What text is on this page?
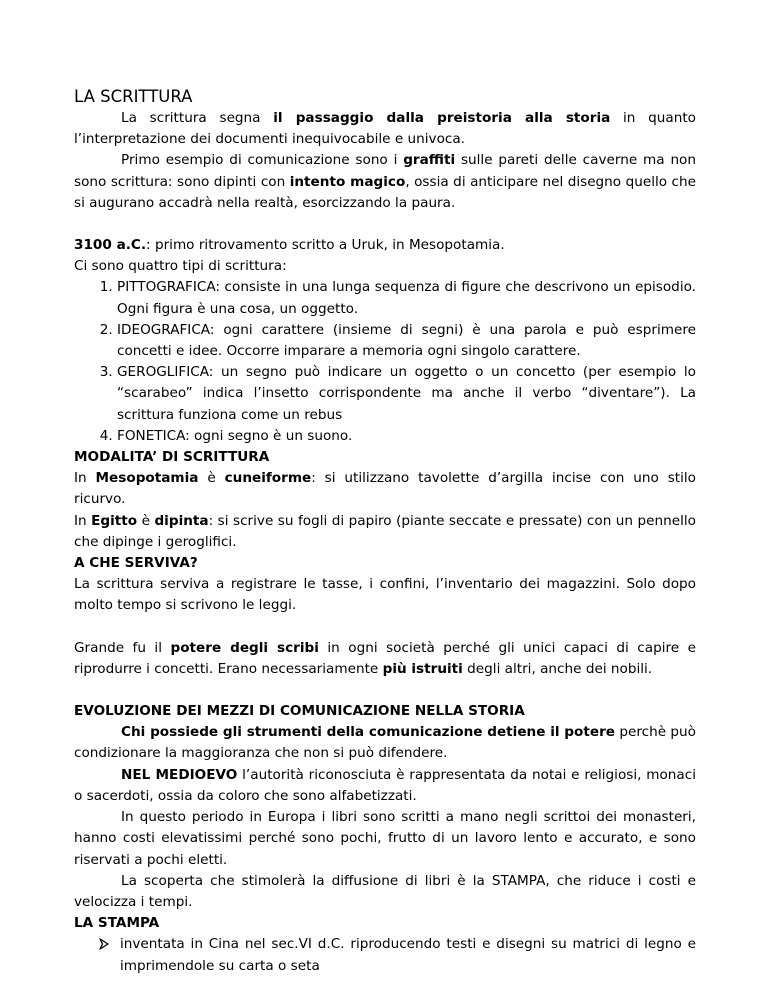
LA SCRITTURA

La scrittura segna il passaggio dalla preistoria alla storia in quanto l’interpretazione dei documenti inequivocabile e univoca.

Primo esempio di comunicazione sono i graffiti sulle pareti delle caverne ma non sono scrittura: sono dipinti con intento magico, ossia di anticipare nel disegno quello che si augurano accadrà nella realtà, esorcizzando la paura.

3100 a.C.: primo ritrovamento scritto a Uruk, in Mesopotamia.

Ci sono quattro tipi di scrittura:

1. PITTOGRAFICA: consiste in una lunga sequenza di figure che descrivono un episodio. Ogni figura è una cosa, un oggetto.
2. IDEOGRAFICA: ogni carattere (insieme di segni) è una parola e può esprimere concetti e idee. Occorre imparare a memoria ogni singolo carattere.
3. GEROGLIFICA: un segno può indicare un oggetto o un concetto (per esempio lo “scarabeo” indica l’insetto corrispondente ma anche il verbo “diventare”). La scrittura funziona come un rebus
4. FONETICA: ogni segno è un suono.

MODALITA’ DI SCRITTURA

In Mesopotamia è cuneiforme: si utilizzano tavolette d’argilla incise con uno stilo ricurvo.

In Egitto è dipinta: si scrive su fogli di papiro (piante seccate e pressate) con un pennello che dipinge i geroglifici.

A CHE SERVIVA?

La scrittura serviva a registrare le tasse, i confini, l’inventario dei magazzini. Solo dopo molto tempo si scrivono le leggi.

Grande fu il potere degli scribi in ogni società perché gli unici capaci di capire e riprodurre i concetti. Erano necessariamente più istruiti degli altri, anche dei nobili.

EVOLUZIONE DEI MEZZI DI COMUNICAZIONE NELLA STORIA

Chi possiede gli strumenti della comunicazione detiene il potere perchè può condizionare la maggioranza che non si può difendere.

NEL MEDIOEVO l’autorità riconosciuta è rappresentata da notai e religiosi, monaci o sacerdoti, ossia da coloro che sono alfabetizzati.

In questo periodo in Europa i libri sono scritti a mano negli scrittoi dei monasteri, hanno costi elevatissimi perché sono pochi, frutto di un lavoro lento e accurato, e sono riservati a pochi eletti.

La scoperta che stimolerà la diffusione di libri è la STAMPA, che riduce i costi e velocizza i tempi.

LA STAMPA

inventata in Cina nel sec.VI d.C. riproducendo testi e disegni su matrici di legno e imprimendole su carta o seta
